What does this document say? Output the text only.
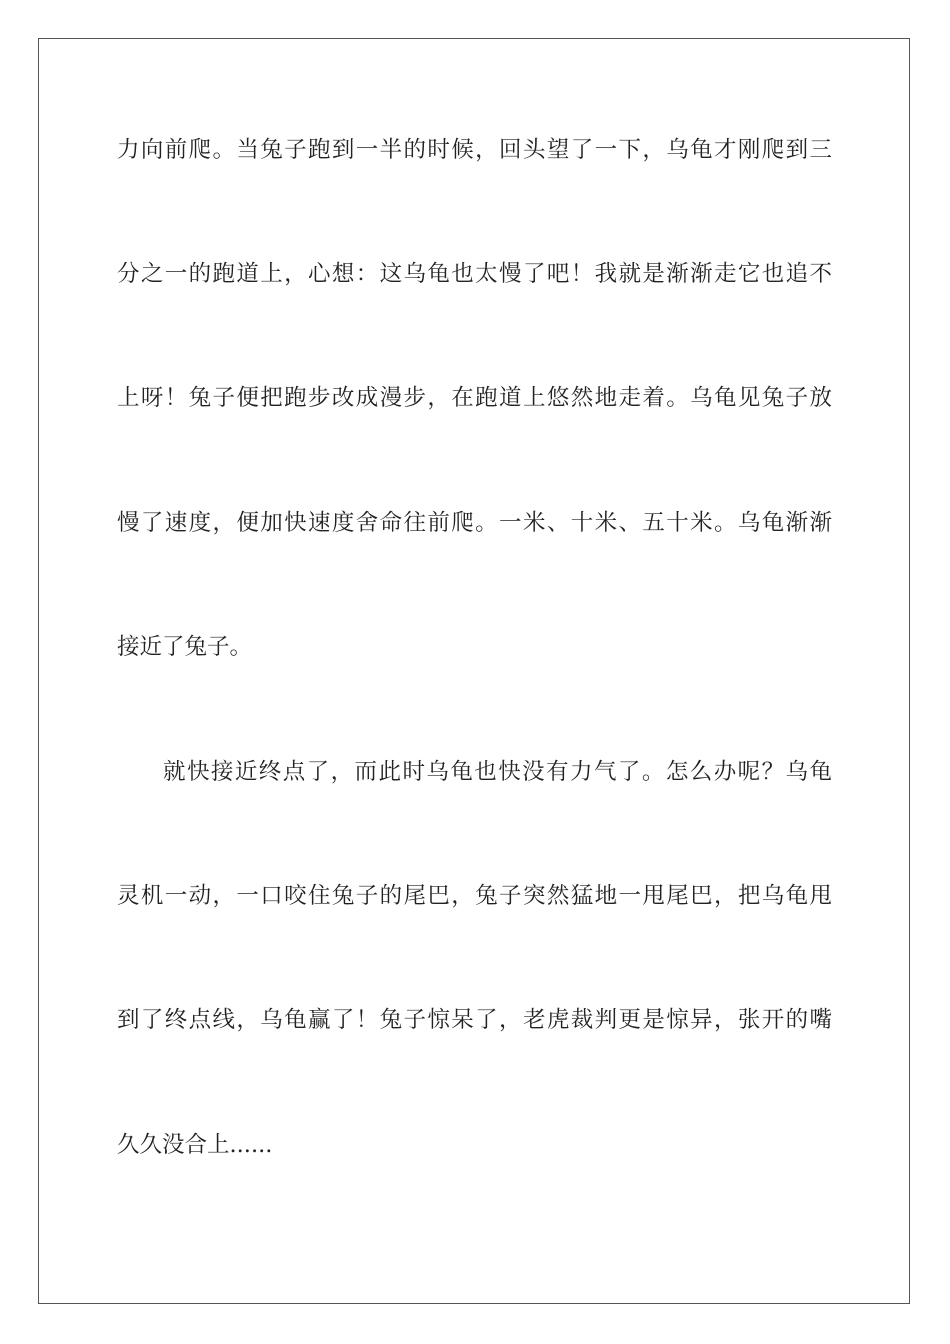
力向前爬。当兔子跑到一半的时候，回头望了一下，乌龟才刚爬到三
分之一的跑道上，心想：这乌龟也太慢了吧！我就是渐渐走它也追不
上呀！兔子便把跑步改成漫步，在跑道上悠然地走着。乌龟见兔子放
慢了速度，便加快速度舍命往前爬。一米、十米、五十米。乌龟渐渐
接近了兔子。
就快接近终点了，而此时乌龟也快没有力气了。怎么办呢？乌龟
灵机一动，一口咬住兔子的尾巴，兔子突然猛地一甩尾巴，把乌龟甩
到了终点线，乌龟赢了！兔子惊呆了，老虎裁判更是惊异，张开的嘴
久久没合上......
